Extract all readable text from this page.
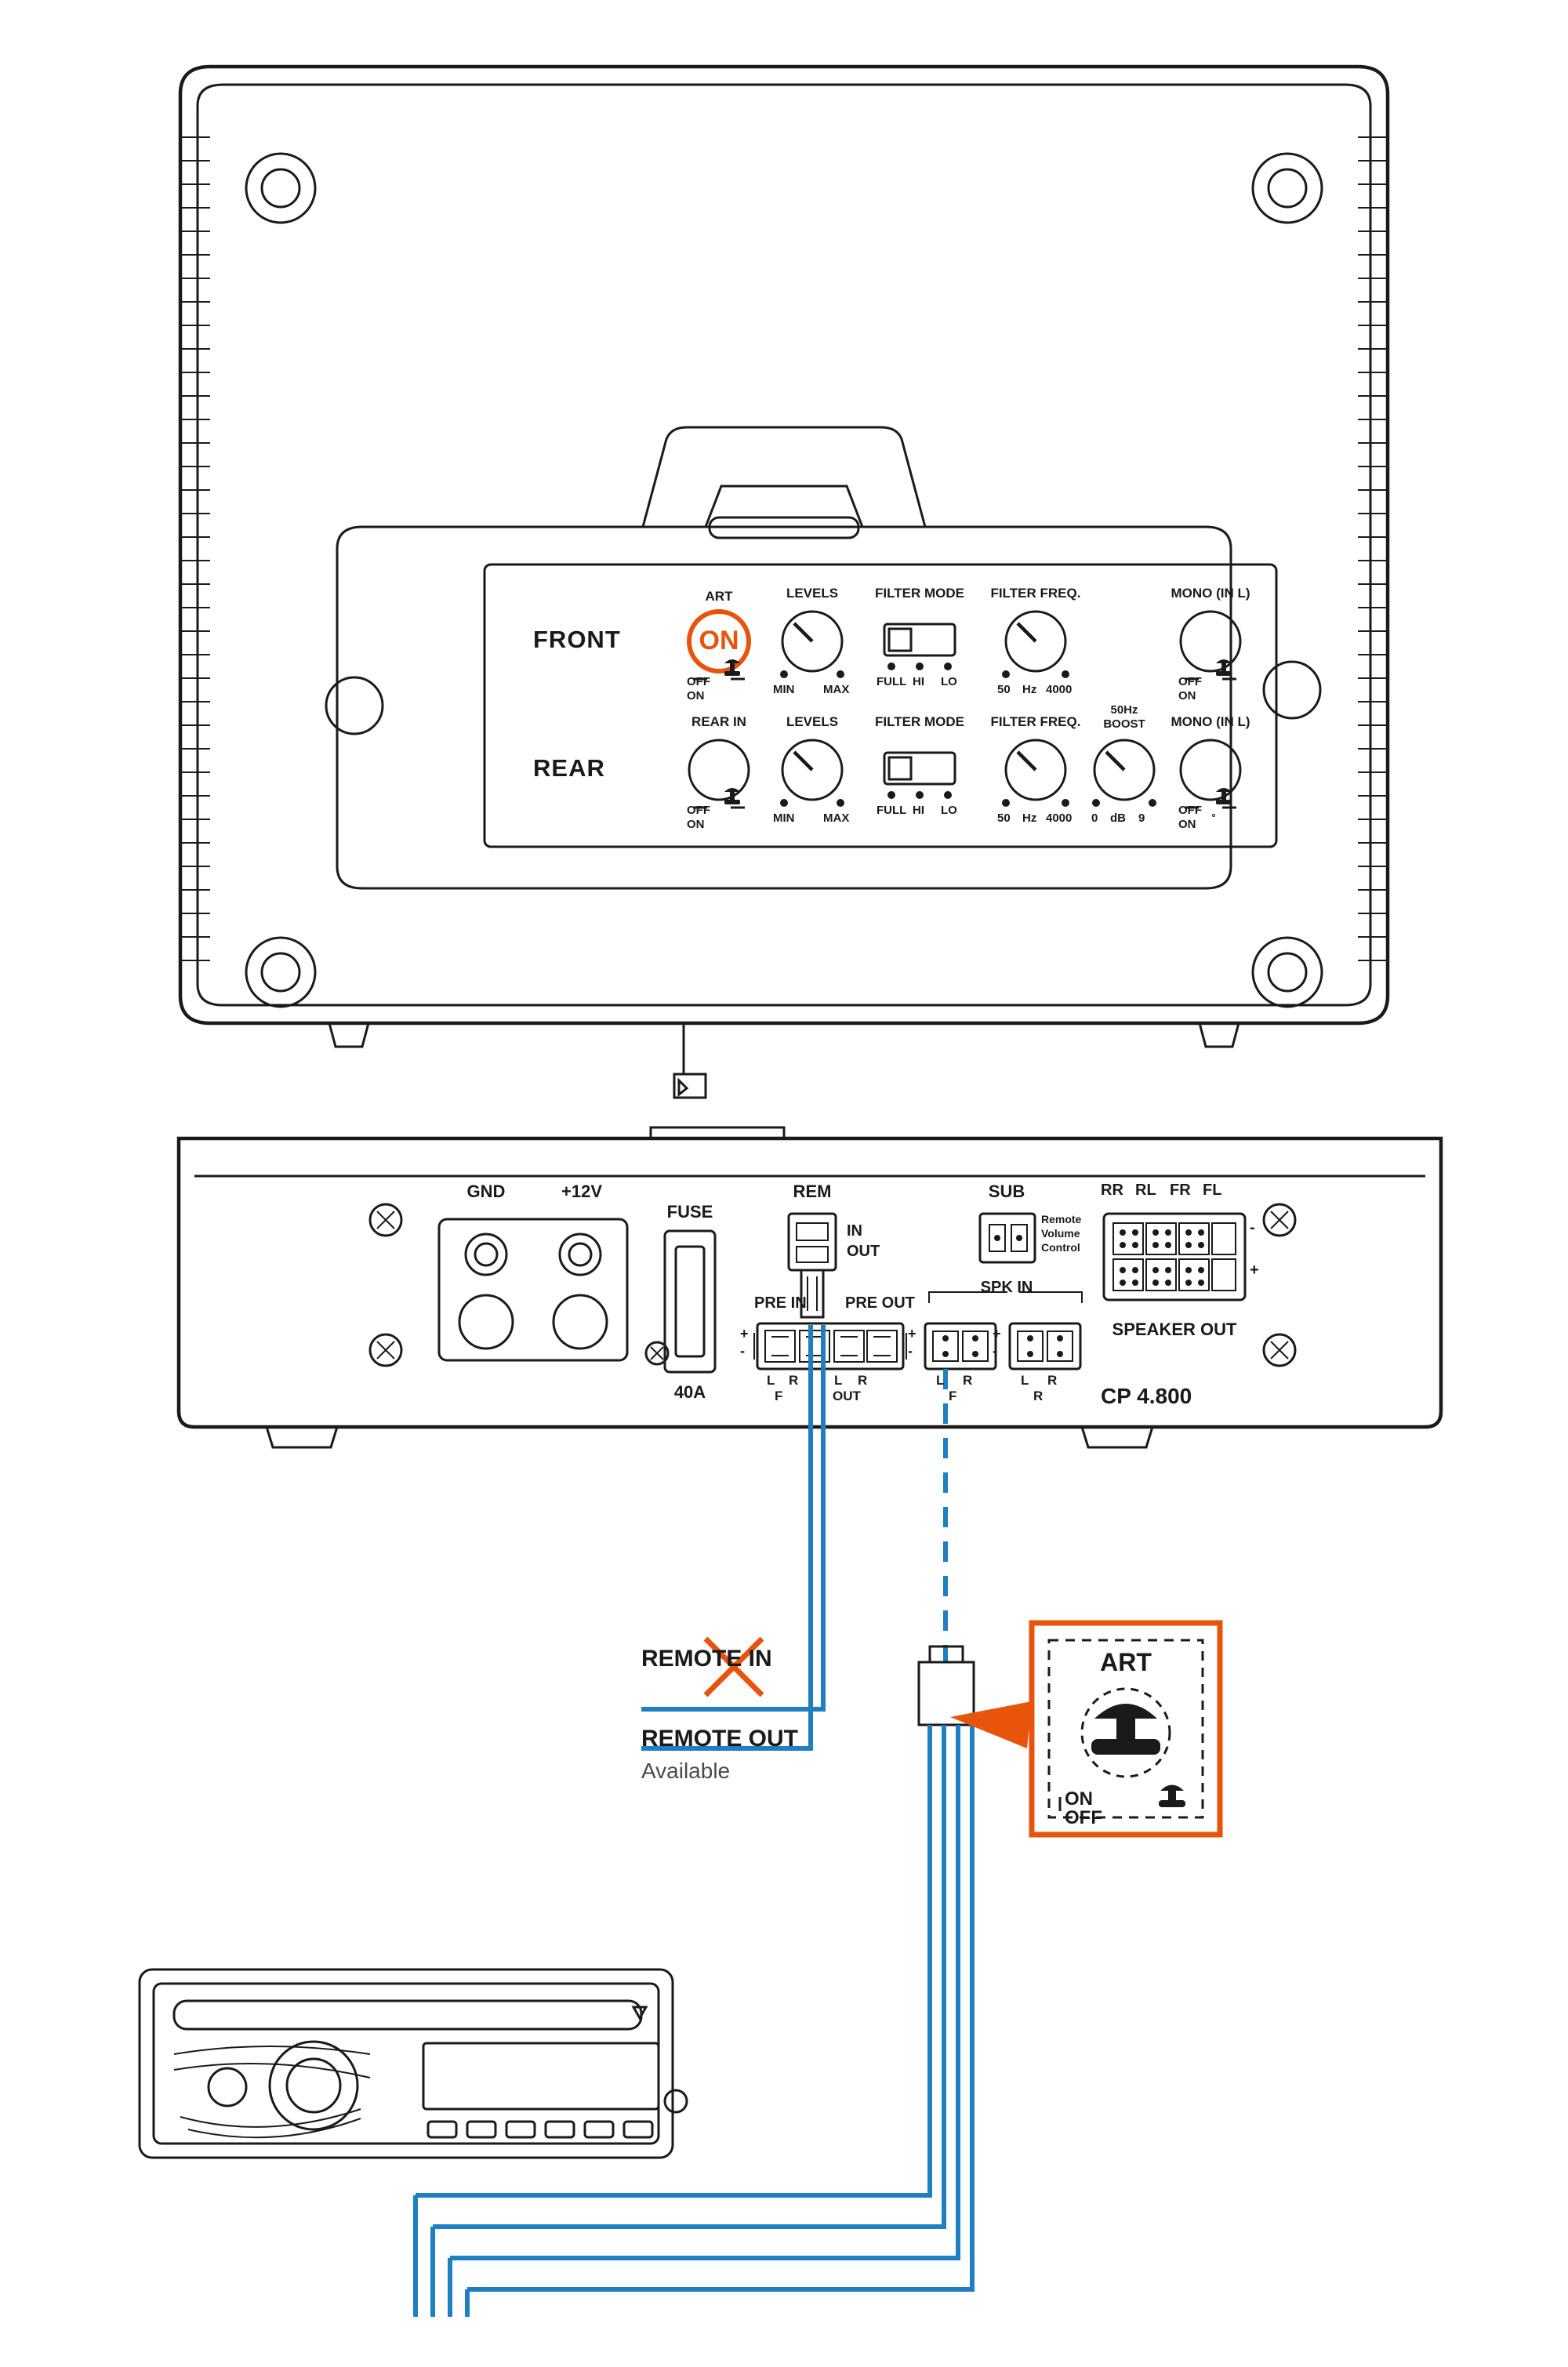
FRONT
REAR
ART
ON
OFF
ON
LEVELS
MIN MAX
FILTER MODE
FULL HI LO
FILTER FREQ.
50 Hz 4000
MONO (IN L)
OFF
ON
REAR IN
OFF
ON
LEVELS
MIN MAX
FILTER MODE
FULL HI LO
FILTER FREQ.
50 Hz 4000
50Hz
BOOST
0 dB 9
MONO (IN L)
OFF
ON
GND	+12V
FUSE
40A
REM
IN
OUT
SUB
Remote
Volume
Control
PRE IN PRE OUT
+
-
L R
F
L R
OUT
SPK IN
+
-
L R
F
+
-
L R
R
RR RL FR FL
-
+
SPEAKER OUT
CP 4.800
REMOTE IN
REMOTE OUT
Available
ART
ON
OFF
